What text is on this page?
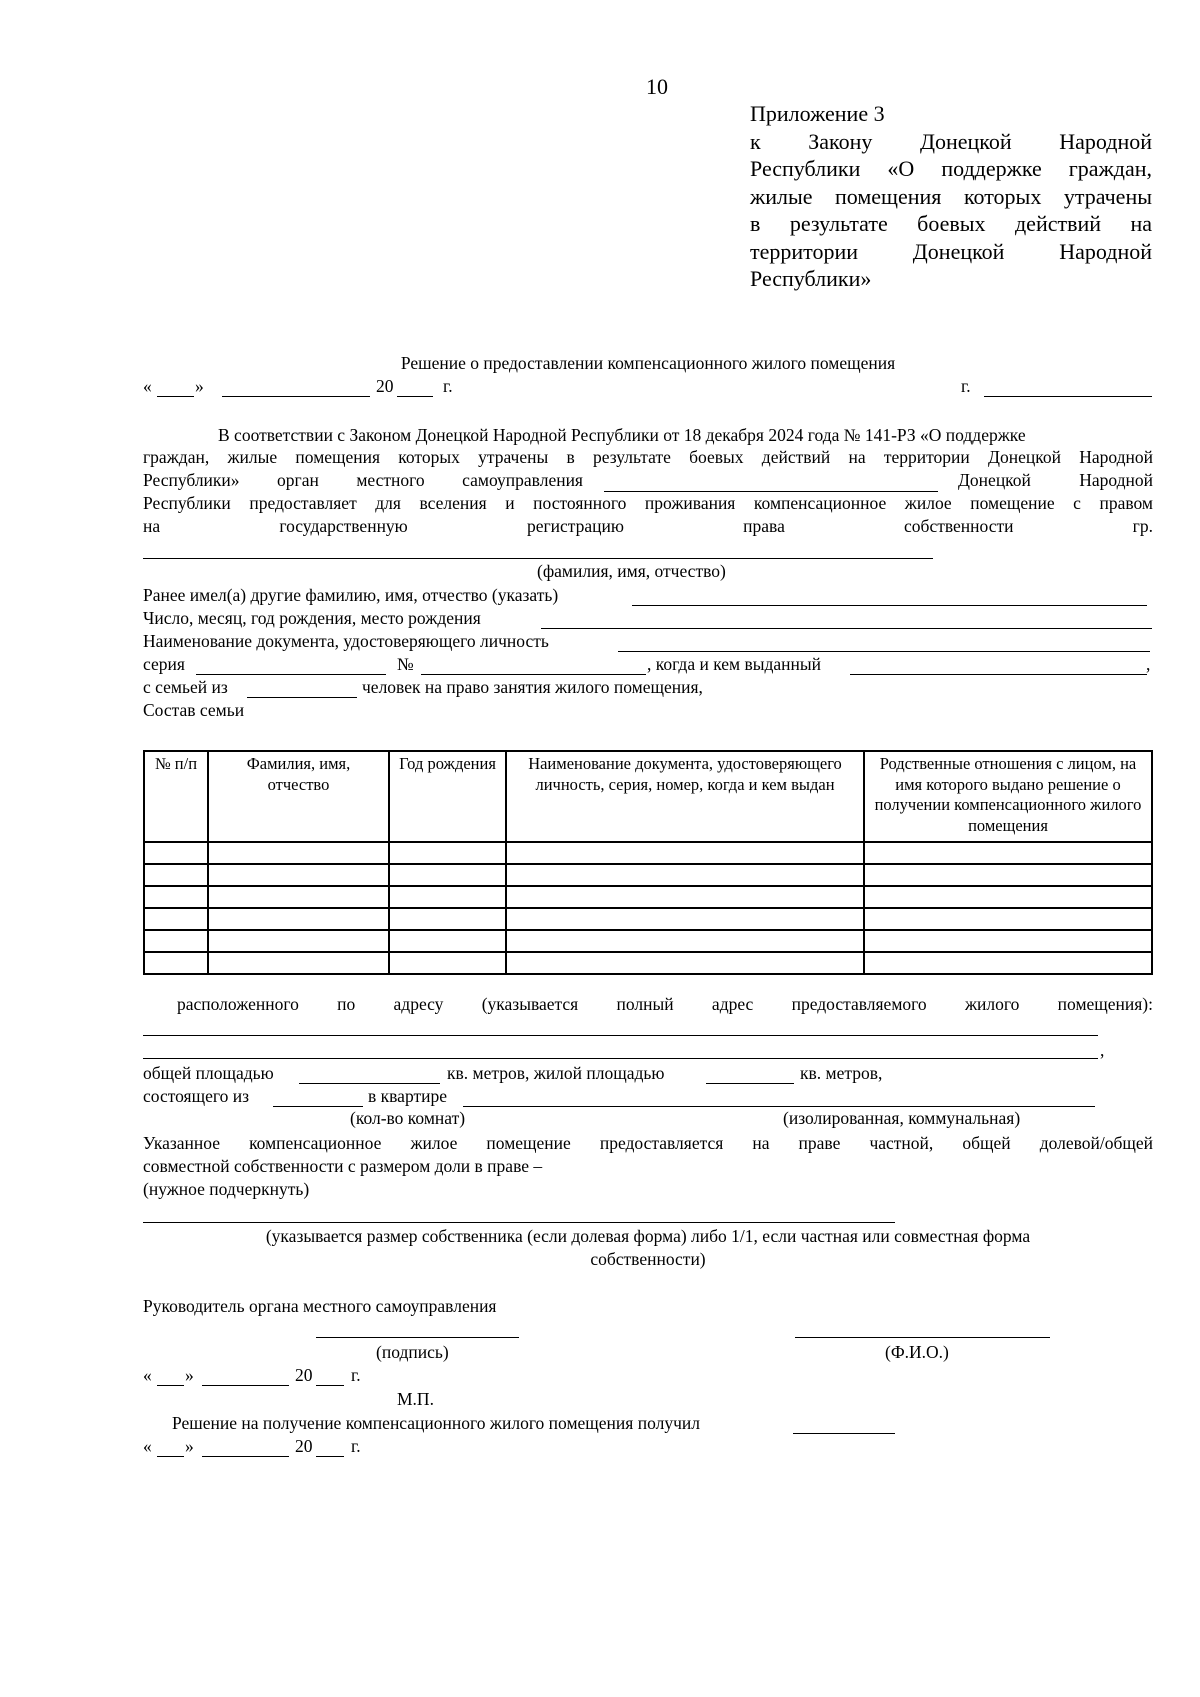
10
Приложение 3
к Закону Донецкой Народной
Республики «О поддержке граждан,
жилые помещения которых утрачены
в результате боевых действий на
территории Донецкой Народной
Республики»
Решение о предоставлении компенсационного жилого помещения
« »	20	г.	г.
В соответствии с Законом Донецкой Народной Республики от 18 декабря 2024 года № 141-РЗ «О поддержке
граждан, жилые помещения которых утрачены в результате боевых действий на территории Донецкой Народной
Республики» орган местного самоуправления	Донецкой Народной
Республики предоставляет для вселения и постоянного проживания компенсационное жилое помещение с правом
на государственную регистрацию права собственности гр.
(фамилия, имя, отчество)
Ранее имел(а) другие фамилию, имя, отчество (указать)
Число, месяц, год рождения, место рождения
Наименование документа, удостоверяющего личность
серия	№	, когда и кем выданный	,
с семьей из	человек на право занятия жилого помещения,
Состав семьи
№ п/п	Фамилия, имя, отчество	Год рождения	Наименование документа, удостоверяющего личность, серия, номер, когда и кем выдан	Родственные отношения с лицом, на имя которого выдано решение о получении компенсационного жилого помещения

расположенного по адресу (указывается полный адрес предоставляемого жилого помещения):
,
общей площадью	кв. метров, жилой площадью	кв. метров,
состоящего из	в квартире
(кол-во комнат)	(изолированная, коммунальная)
Указанное компенсационное жилое помещение предоставляется на праве частной, общей долевой/общей
совместной собственности с размером доли в праве –
(нужное подчеркнуть)
(указывается размер собственника (если долевая форма) либо 1/1, если частная или совместная форма
собственности)
Руководитель органа местного самоуправления
(подпись)	(Ф.И.О.)
« »	20 г.
М.П.
Решение на получение компенсационного жилого помещения получил
« »	20 г.
